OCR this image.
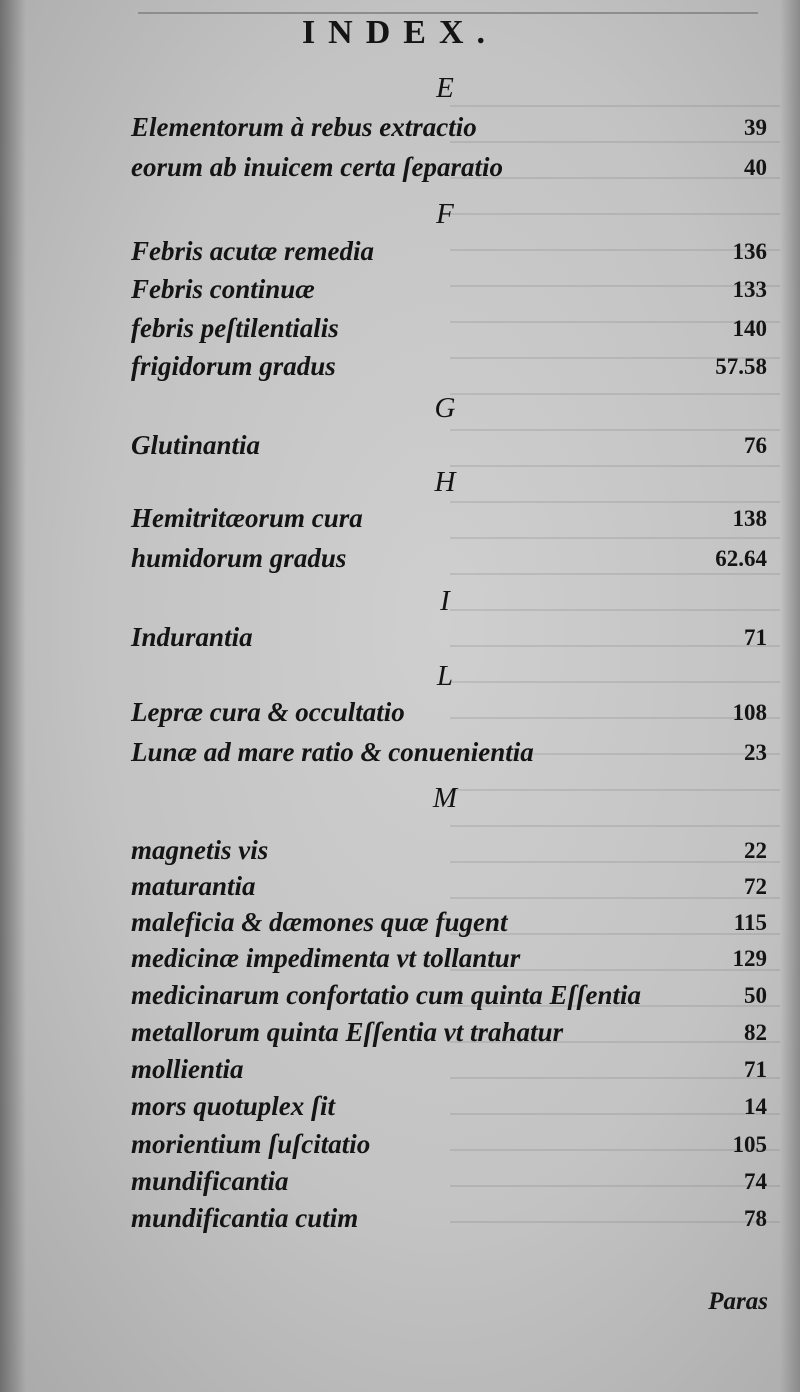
INDEX.
E
Elementorum à rebus extractio	39
eorum ab inuicem certa ſeparatio	40
F
Febris acutæ remedia	136
Febris continuæ	133
febris peſtilentialis	140
frigidorum gradus	57.58
G
Glutinantia	76
H
Hemitritæorum cura	138
humidorum gradus	62.64
I
Indurantia	71
L
Lepræ cura & occultatio	108
Lunæ ad mare ratio & conuenientia	23
M
magnetis vis	22
maturantia	72
maleficia & dæmones quæ fugent	115
medicinæ impedimenta vt tollantur	129
medicinarum confortatio cum quinta Eſſentia	50
metallorum quinta Eſſentia vt trahatur	82
mollientia	71
mors quotuplex ſit	14
morientium ſuſcitatio	105
mundificantia	74
mundificantia cutim	78
Paras
